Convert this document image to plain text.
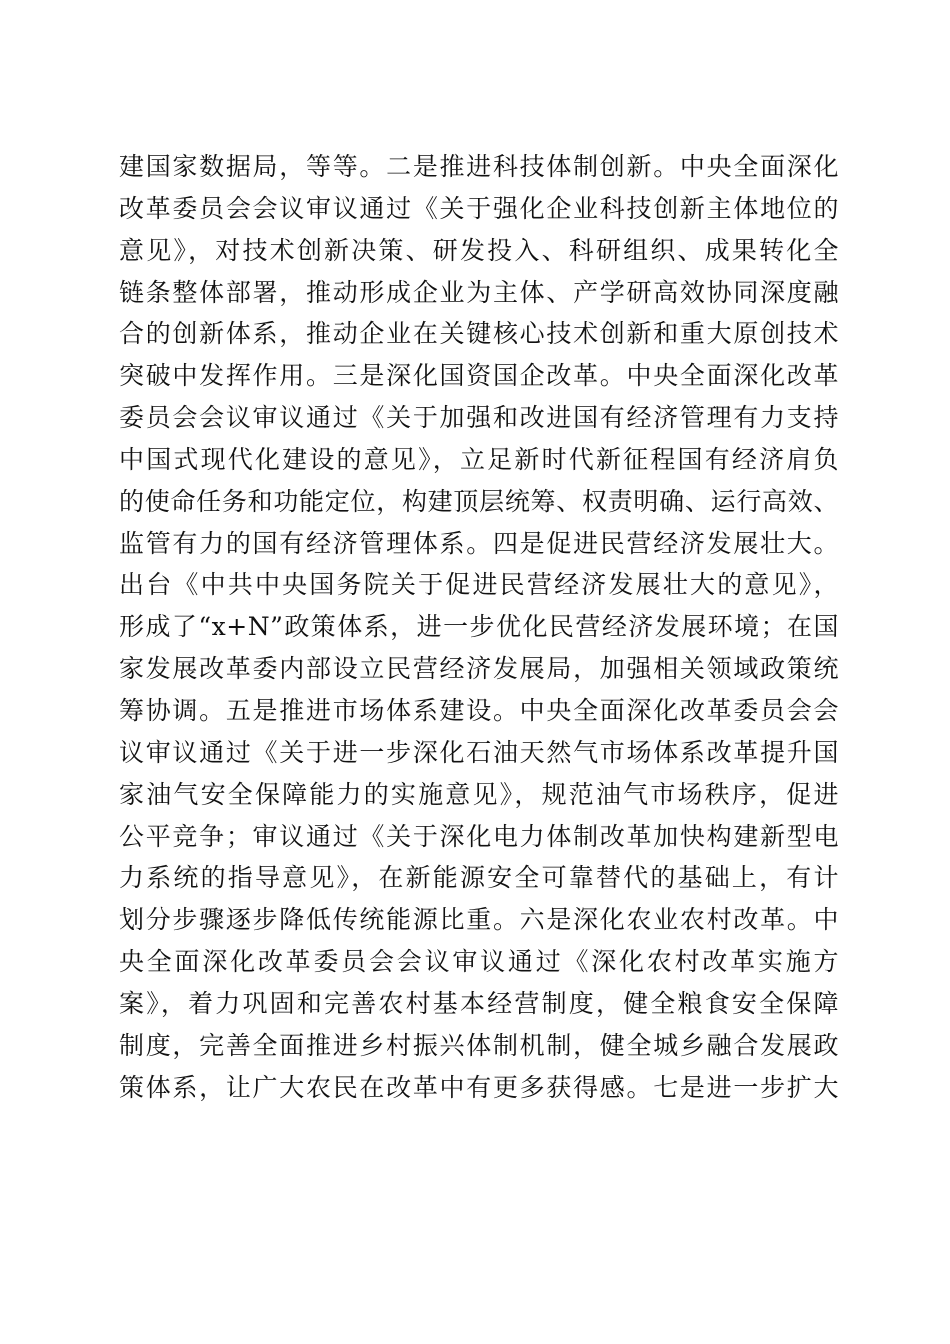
建国家数据局，等等。二是推进科技体制创新。中央全面深化
改革委员会会议审议通过《关于强化企业科技创新主体地位的
意见》，对技术创新决策、研发投入、科研组织、成果转化全
链条整体部署，推动形成企业为主体、产学研高效协同深度融
合的创新体系，推动企业在关键核心技术创新和重大原创技术
突破中发挥作用。三是深化国资国企改革。中央全面深化改革
委员会会议审议通过《关于加强和改进国有经济管理有力支持
中国式现代化建设的意见》，立足新时代新征程国有经济肩负
的使命任务和功能定位，构建顶层统筹、权责明确、运行高效、
监管有力的国有经济管理体系。四是促进民营经济发展壮大。
出台《中共中央国务院关于促进民营经济发展壮大的意见》，
形成了“x+N”政策体系，进一步优化民营经济发展环境；在国
家发展改革委内部设立民营经济发展局，加强相关领域政策统
筹协调。五是推进市场体系建设。中央全面深化改革委员会会
议审议通过《关于进一步深化石油天然气市场体系改革提升国
家油气安全保障能力的实施意见》，规范油气市场秩序，促进
公平竞争；审议通过《关于深化电力体制改革加快构建新型电
力系统的指导意见》，在新能源安全可靠替代的基础上，有计
划分步骤逐步降低传统能源比重。六是深化农业农村改革。中
央全面深化改革委员会会议审议通过《深化农村改革实施方
案》，着力巩固和完善农村基本经营制度，健全粮食安全保障
制度，完善全面推进乡村振兴体制机制，健全城乡融合发展政
策体系，让广大农民在改革中有更多获得感。七是进一步扩大
